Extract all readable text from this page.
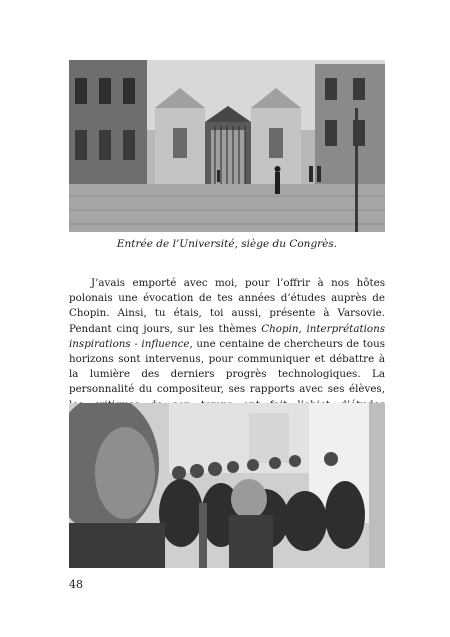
Entrée de l’Université, siège du Congrès.

J’avais emporté avec moi, pour l’offrir à nos hôtes polonais une évocation de tes années d’études auprès de Chopin. Ainsi, tu étais, toi aussi, présente à Varsovie. Pendant cinq jours, sur les thèmes Chopin, interprétations inspirations - influence, une centaine de chercheurs de tous horizons sont intervenus, pour communiquer et débattre à la lumière des derniers progrès technologiques. La personnalité du compositeur, ses rapports avec ses élèves,

48
